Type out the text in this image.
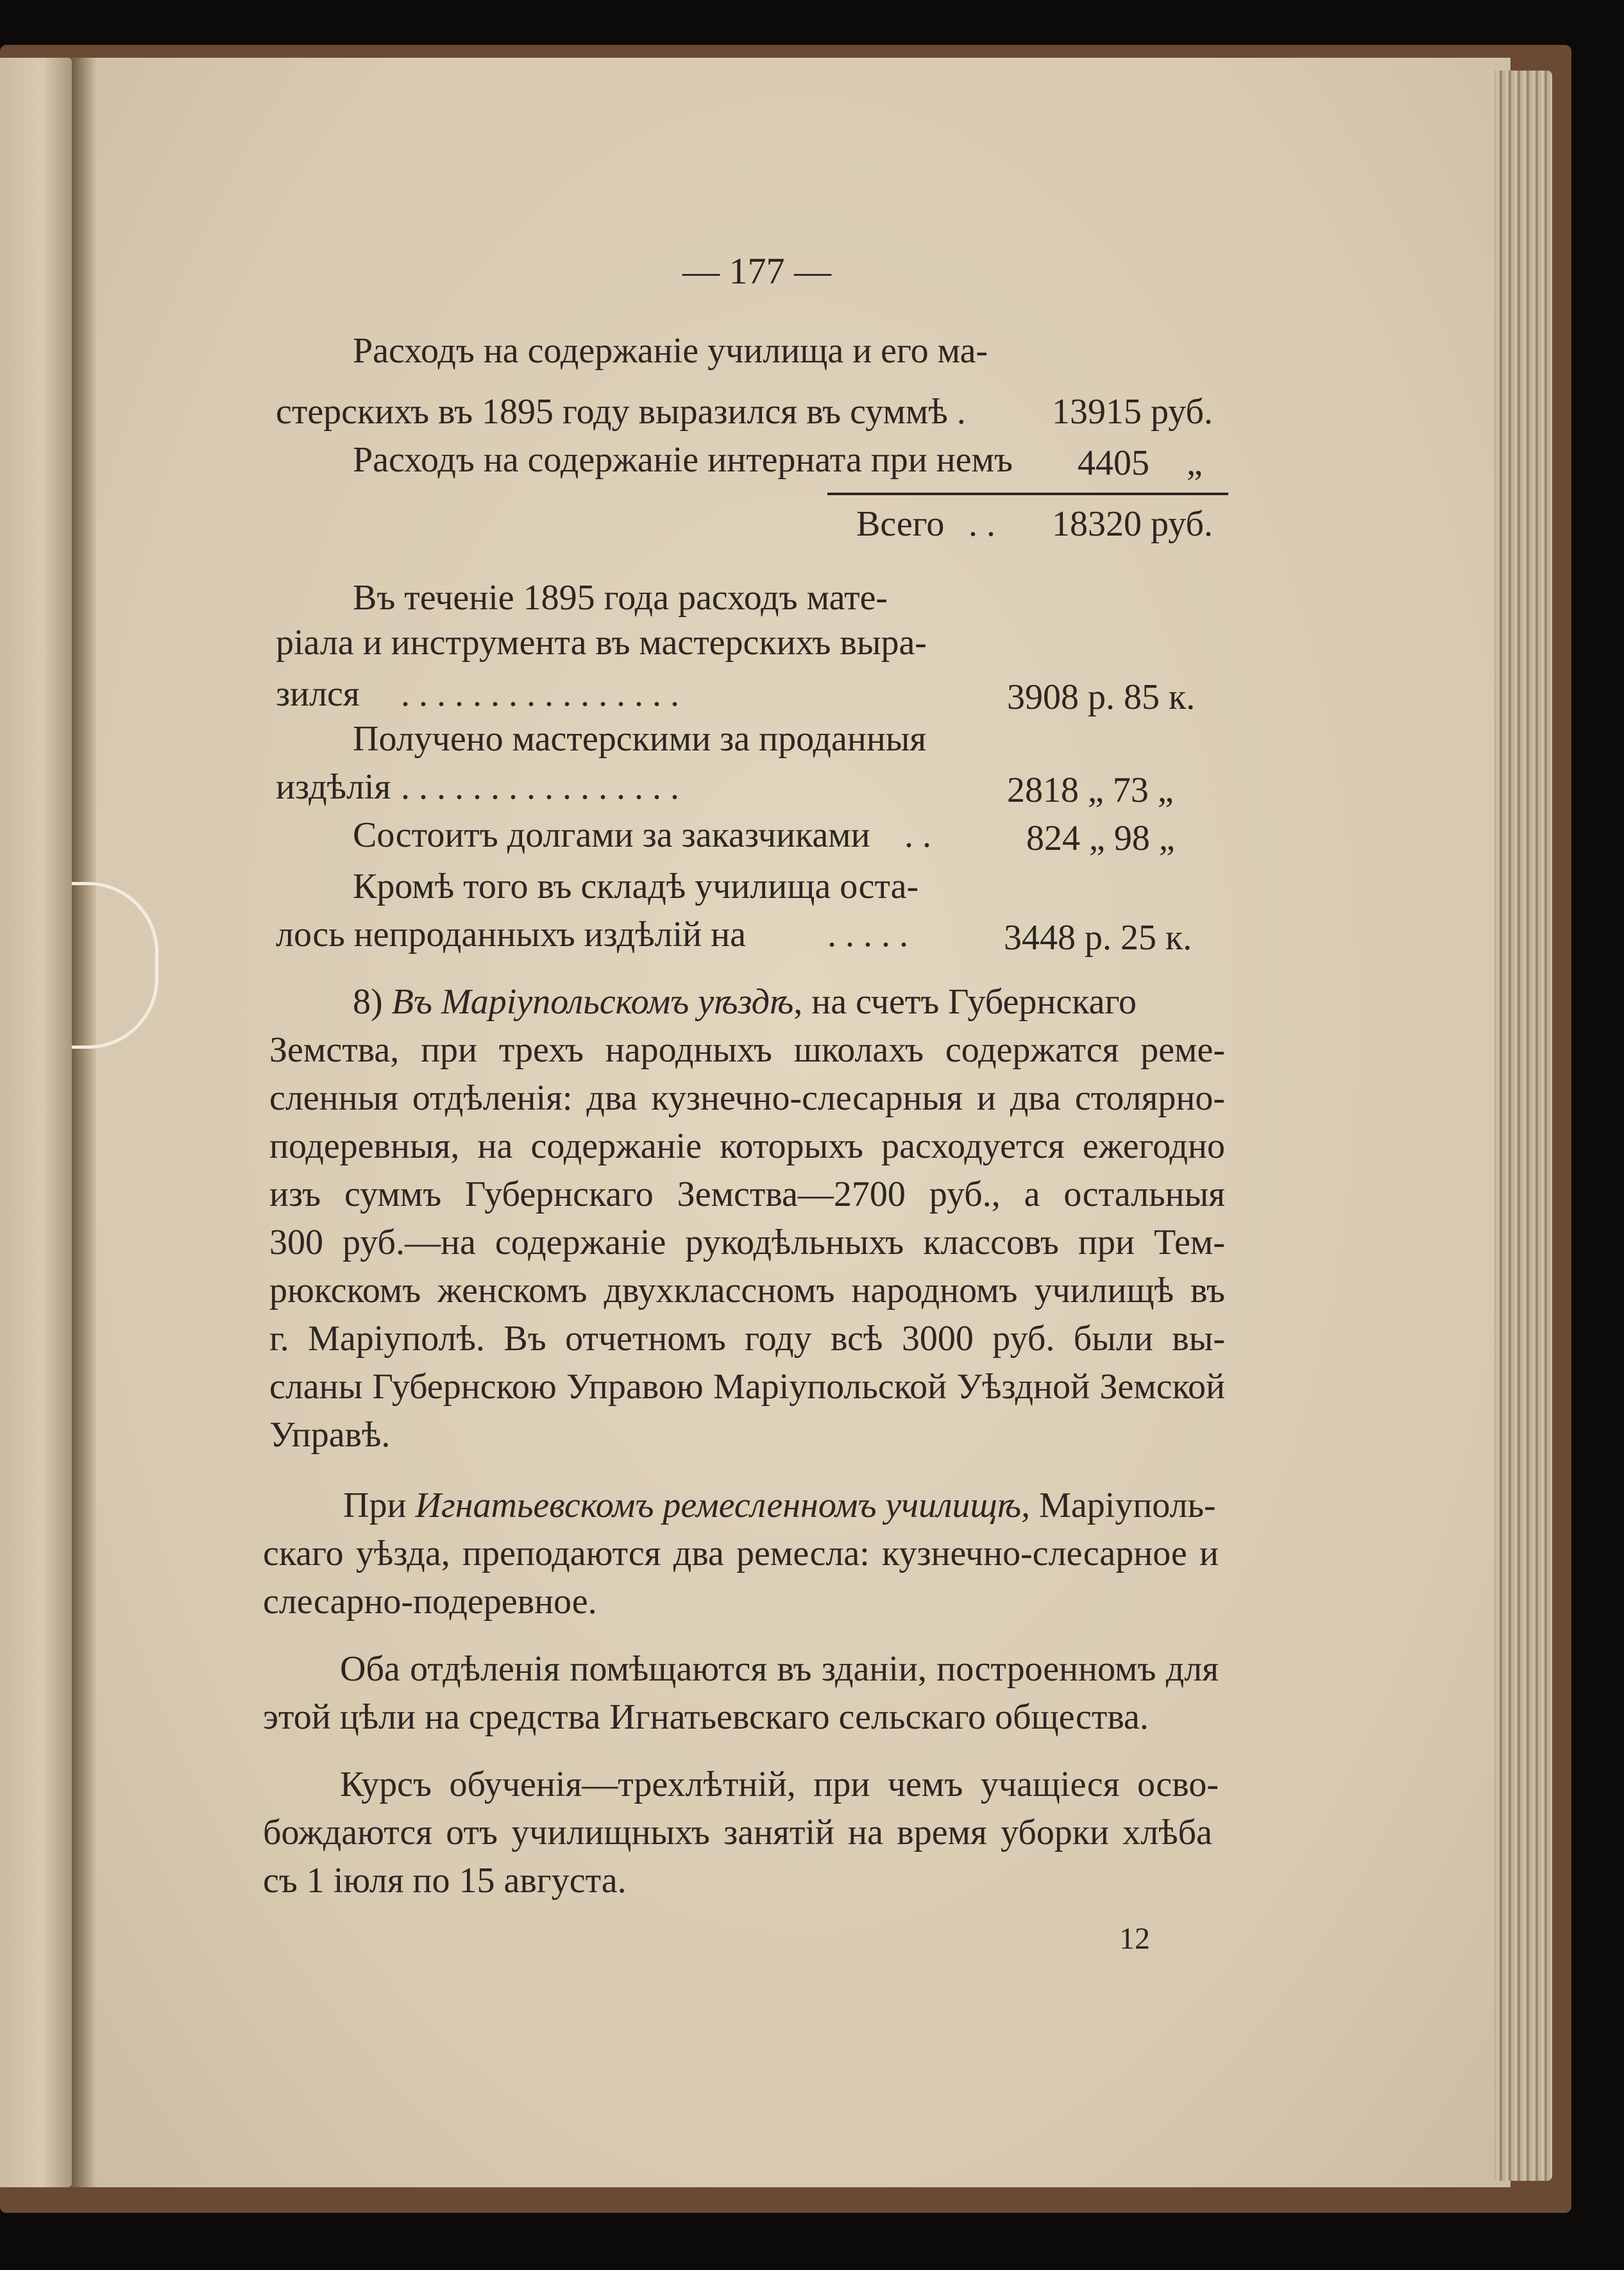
— 177 —
Расходъ на содержаніе училища и его ма-
стерскихъ въ 1895 году выразился въ суммѣ .	13915 руб.
Расходъ на содержаніе интерната при немъ 4405 „
Всего . . 18320 руб.
Въ теченіе 1895 года расходъ мате-
ріала и инструмента въ мастерскихъ выра-
зился . . . . . . . . . . . . . . . .	3908 р. 85 к.
Получено мастерскими за проданныя
издѣлія . . . . . . . . . . . . . . . .	2818 „ 73 „
Состоитъ долгами за заказчиками . .	824 „ 98 „
Кромѣ того въ складѣ училища оста-
лось непроданныхъ издѣлій на . . . . .	3448 р. 25 к.
8) Въ Маріупольскомъ уѣздѣ, на счетъ Губернскаго
Земства, при трехъ народныхъ школахъ содержатся реме-
сленныя отдѣленія: два кузнечно-слесарныя и два столярно-
подеревныя, на содержаніе которыхъ расходуется ежегодно
изъ суммъ Губернскаго Земства—2700 руб., а остальныя
300 руб.—на содержаніе рукодѣльныхъ классовъ при Тем-
рюкскомъ женскомъ двухклассномъ народномъ училищѣ въ
г. Маріуполѣ. Въ отчетномъ году всѣ 3000 руб. были вы-
сланы Губернскою Управою Маріупольской Уѣздной Земской
Управѣ.
При Игнатьевскомъ ремесленномъ училищѣ, Маріуполь-
скаго уѣзда, преподаются два ремесла: кузнечно-слесарное и
слесарно-подеревное.
Оба отдѣленія помѣщаются въ зданіи, построенномъ для
этой цѣли на средства Игнатьевскаго сельскаго общества.
Курсъ обученія—трехлѣтній, при чемъ учащіеся осво-
бождаются отъ училищныхъ занятій на время уборки хлѣба
съ 1 іюля по 15 августа.
12
